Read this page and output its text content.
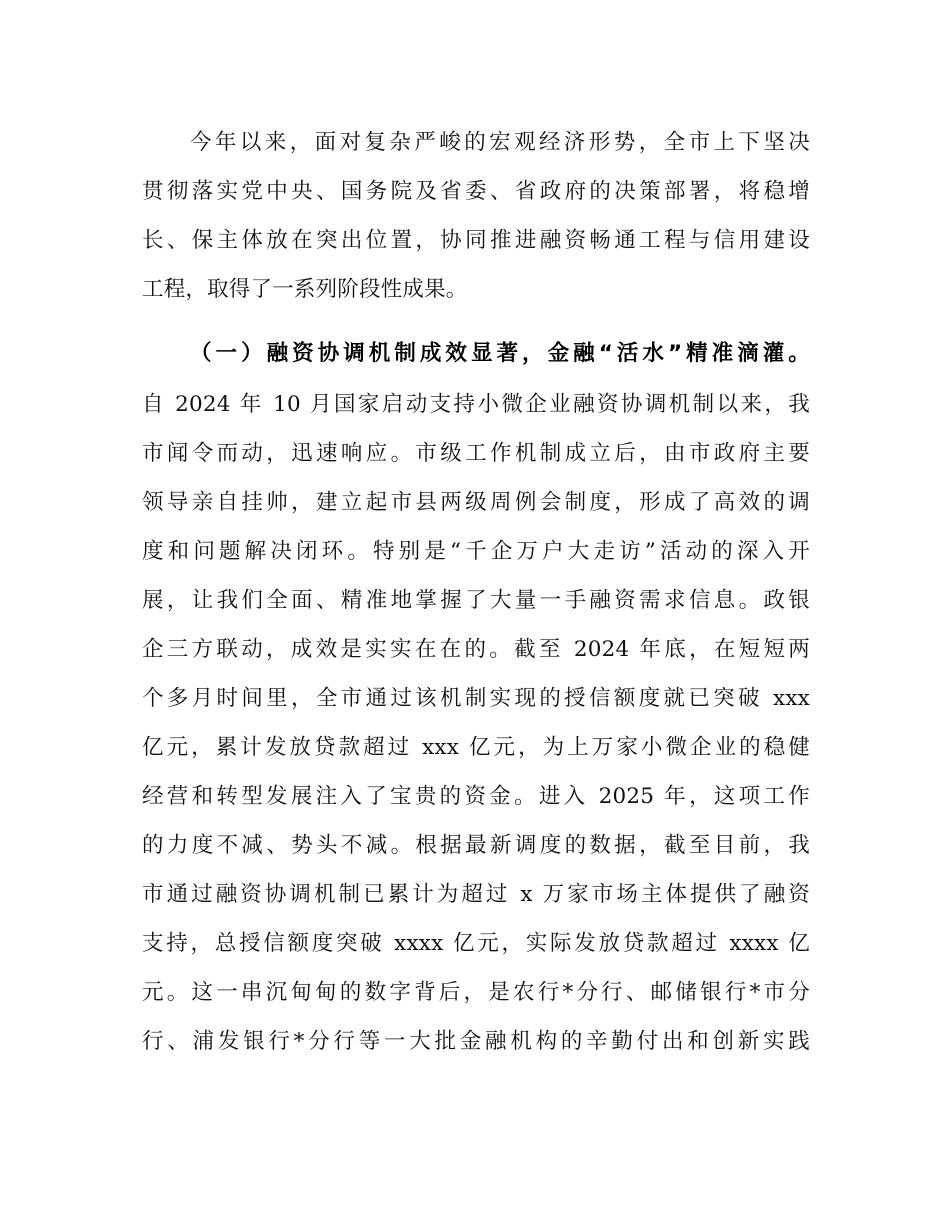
今年以来，面对复杂严峻的宏观经济形势，全市上下坚决
贯彻落实党中央、国务院及省委、省政府的决策部署，将稳增
长、保主体放在突出位置，协同推进融资畅通工程与信用建设
工程，取得了一系列阶段性成果。
（一）融资协调机制成效显著，金融“活水”精准滴灌。
自 2024 年 10 月国家启动支持小微企业融资协调机制以来，我
市闻令而动，迅速响应。市级工作机制成立后，由市政府主要
领导亲自挂帅，建立起市县两级周例会制度，形成了高效的调
度和问题解决闭环。特别是“千企万户大走访”活动的深入开
展，让我们全面、精准地掌握了大量一手融资需求信息。政银
企三方联动，成效是实实在在的。截至 2024 年底，在短短两
个多月时间里，全市通过该机制实现的授信额度就已突破 xxx
亿元，累计发放贷款超过 xxx 亿元，为上万家小微企业的稳健
经营和转型发展注入了宝贵的资金。进入 2025 年，这项工作
的力度不减、势头不减。根据最新调度的数据，截至目前，我
市通过融资协调机制已累计为超过 x 万家市场主体提供了融资
支持，总授信额度突破 xxxx 亿元，实际发放贷款超过 xxxx 亿
元。这一串沉甸甸的数字背后，是农行*分行、邮储银行*市分
行、浦发银行*分行等一大批金融机构的辛勤付出和创新实践
